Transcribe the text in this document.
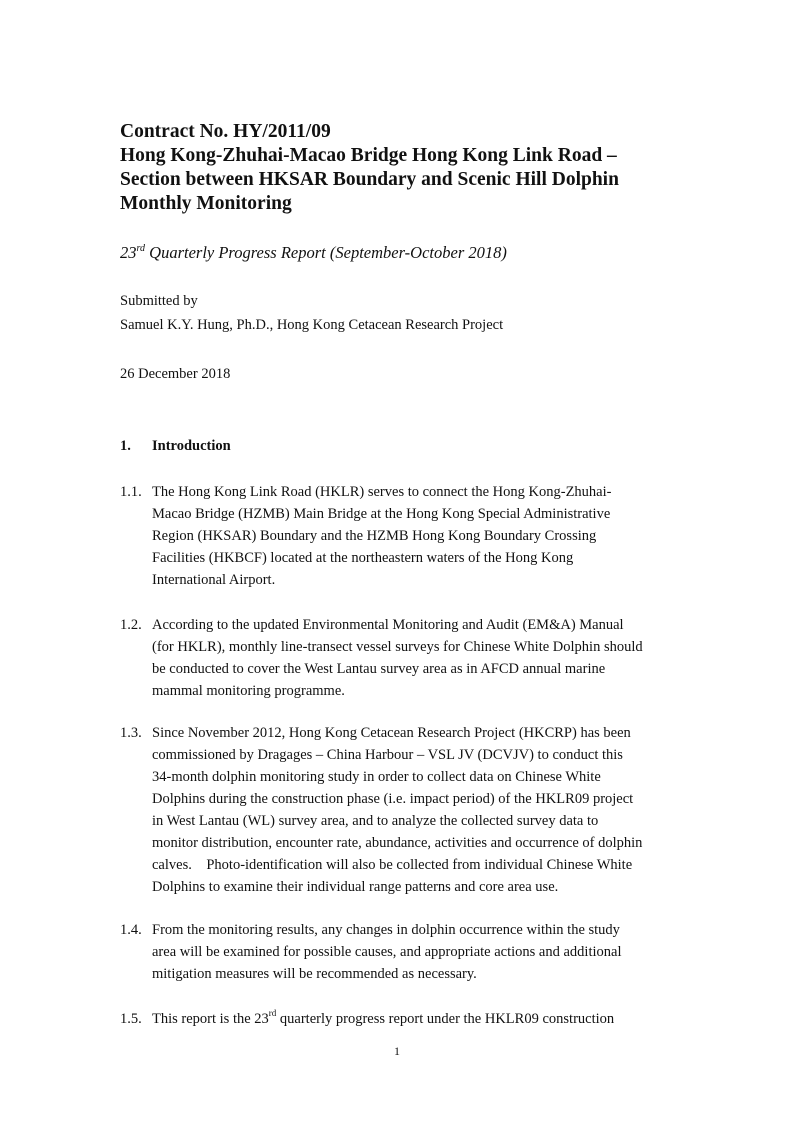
Contract No. HY/2011/09
Hong Kong-Zhuhai-Macao Bridge Hong Kong Link Road –
Section between HKSAR Boundary and Scenic Hill Dolphin
Monthly Monitoring
23rd Quarterly Progress Report (September-October 2018)
Submitted by
Samuel K.Y. Hung, Ph.D., Hong Kong Cetacean Research Project
26 December 2018
1. Introduction
1.1. The Hong Kong Link Road (HKLR) serves to connect the Hong Kong-Zhuhai-
Macao Bridge (HZMB) Main Bridge at the Hong Kong Special Administrative
Region (HKSAR) Boundary and the HZMB Hong Kong Boundary Crossing
Facilities (HKBCF) located at the northeastern waters of the Hong Kong
International Airport.
1.2. According to the updated Environmental Monitoring and Audit (EM&A) Manual
(for HKLR), monthly line-transect vessel surveys for Chinese White Dolphin should
be conducted to cover the West Lantau survey area as in AFCD annual marine
mammal monitoring programme.
1.3. Since November 2012, Hong Kong Cetacean Research Project (HKCRP) has been
commissioned by Dragages – China Harbour – VSL JV (DCVJV) to conduct this
34-month dolphin monitoring study in order to collect data on Chinese White
Dolphins during the construction phase (i.e. impact period) of the HKLR09 project
in West Lantau (WL) survey area, and to analyze the collected survey data to
monitor distribution, encounter rate, abundance, activities and occurrence of dolphin
calves.    Photo-identification will also be collected from individual Chinese White
Dolphins to examine their individual range patterns and core area use.
1.4. From the monitoring results, any changes in dolphin occurrence within the study
area will be examined for possible causes, and appropriate actions and additional
mitigation measures will be recommended as necessary.
1.5. This report is the 23rd quarterly progress report under the HKLR09 construction
1
